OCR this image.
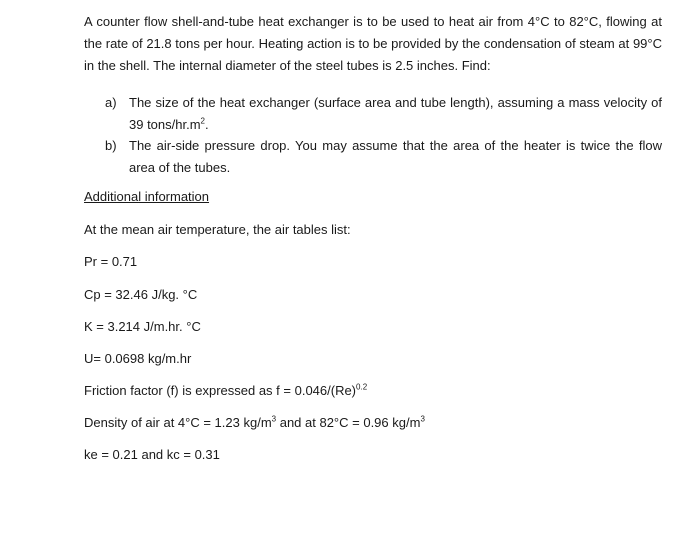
A counter flow shell-and-tube heat exchanger is to be used to heat air from 4°C to 82°C, flowing at the rate of 21.8 tons per hour. Heating action is to be provided by the condensation of steam at 99°C in the shell. The internal diameter of the steel tubes is 2.5 inches. Find:

a) The size of the heat exchanger (surface area and tube length), assuming a mass velocity of 39 tons/$hr.m^2$.
b) The air-side pressure drop. You may assume that the area of the heater is twice the flow area of the tubes.

Additional information

At the mean air temperature, the air tables list:

Pr = 0.71

Cp = 32.46 J/kg. °C

K = 3.214 J/m.hr. °C

U= 0.0698 kg/m.hr

Friction factor (f) is expressed as $f = 0.046/(Re)^{0.2}$

Density of air at 4°C = 1.23 $kg/m^3$ and at 82°C = 0.96 $kg/m^3$

ke = 0.21 and kc = 0.31
